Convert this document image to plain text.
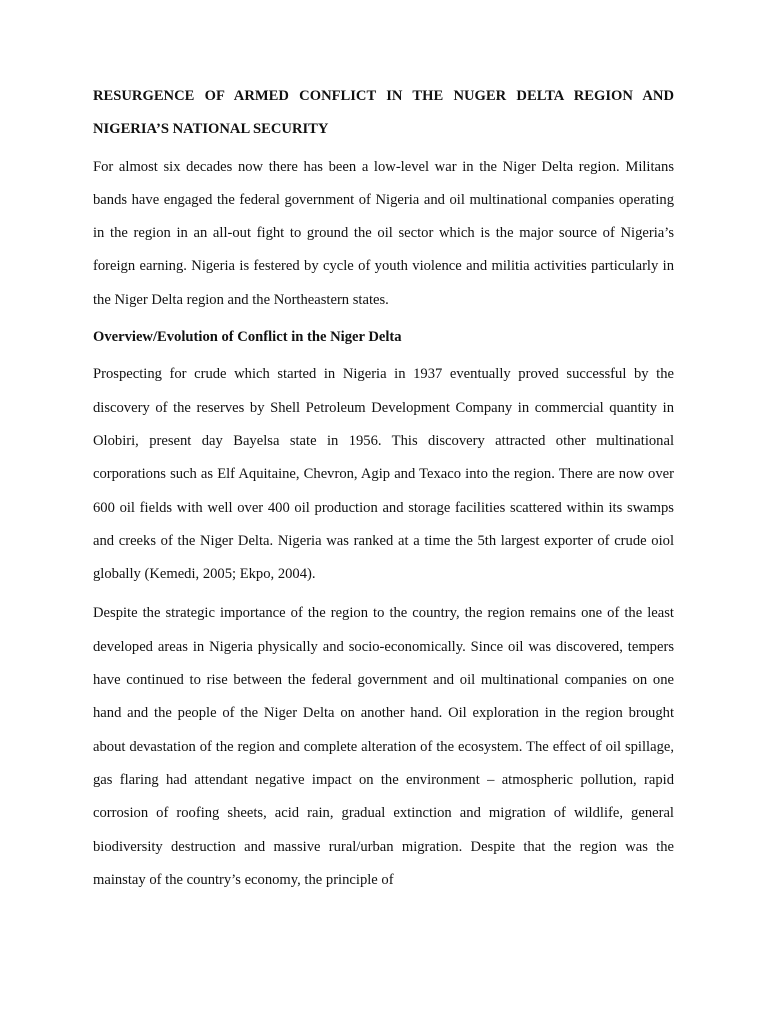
RESURGENCE OF ARMED CONFLICT IN THE NUGER DELTA REGION AND NIGERIA’S NATIONAL SECURITY

For almost six decades now there has been a low-level war in the Niger Delta region. Militans bands have engaged the federal government of Nigeria and oil multinational companies operating in the region in an all-out fight to ground the oil sector which is the major source of Nigeria’s foreign earning. Nigeria is festered by cycle of youth violence and militia activities particularly in the Niger Delta region and the Northeastern states.

Overview/Evolution of Conflict in the Niger Delta

Prospecting for crude which started in Nigeria in 1937 eventually proved successful by the discovery of the reserves by Shell Petroleum Development Company in commercial quantity in Olobiri, present day Bayelsa state in 1956. This discovery attracted other multinational corporations such as Elf Aquitaine, Chevron, Agip and Texaco into the region. There are now over 600 oil fields with well over 400 oil production and storage facilities scattered within its swamps and creeks of the Niger Delta. Nigeria was ranked at a time the 5th largest exporter of crude oiol globally (Kemedi, 2005; Ekpo, 2004).

Despite the strategic importance of the region to the country, the region remains one of the least developed areas in Nigeria physically and socio-economically. Since oil was discovered, tempers have continued to rise between the federal government and oil multinational companies on one hand and the people of the Niger Delta on another hand. Oil exploration in the region brought about devastation of the region and complete alteration of the ecosystem. The effect of oil spillage, gas flaring had attendant negative impact on the environment – atmospheric pollution, rapid corrosion of roofing sheets, acid rain, gradual extinction and migration of wildlife, general biodiversity destruction and massive rural/urban migration. Despite that the region was the mainstay of the country’s economy, the principle of
